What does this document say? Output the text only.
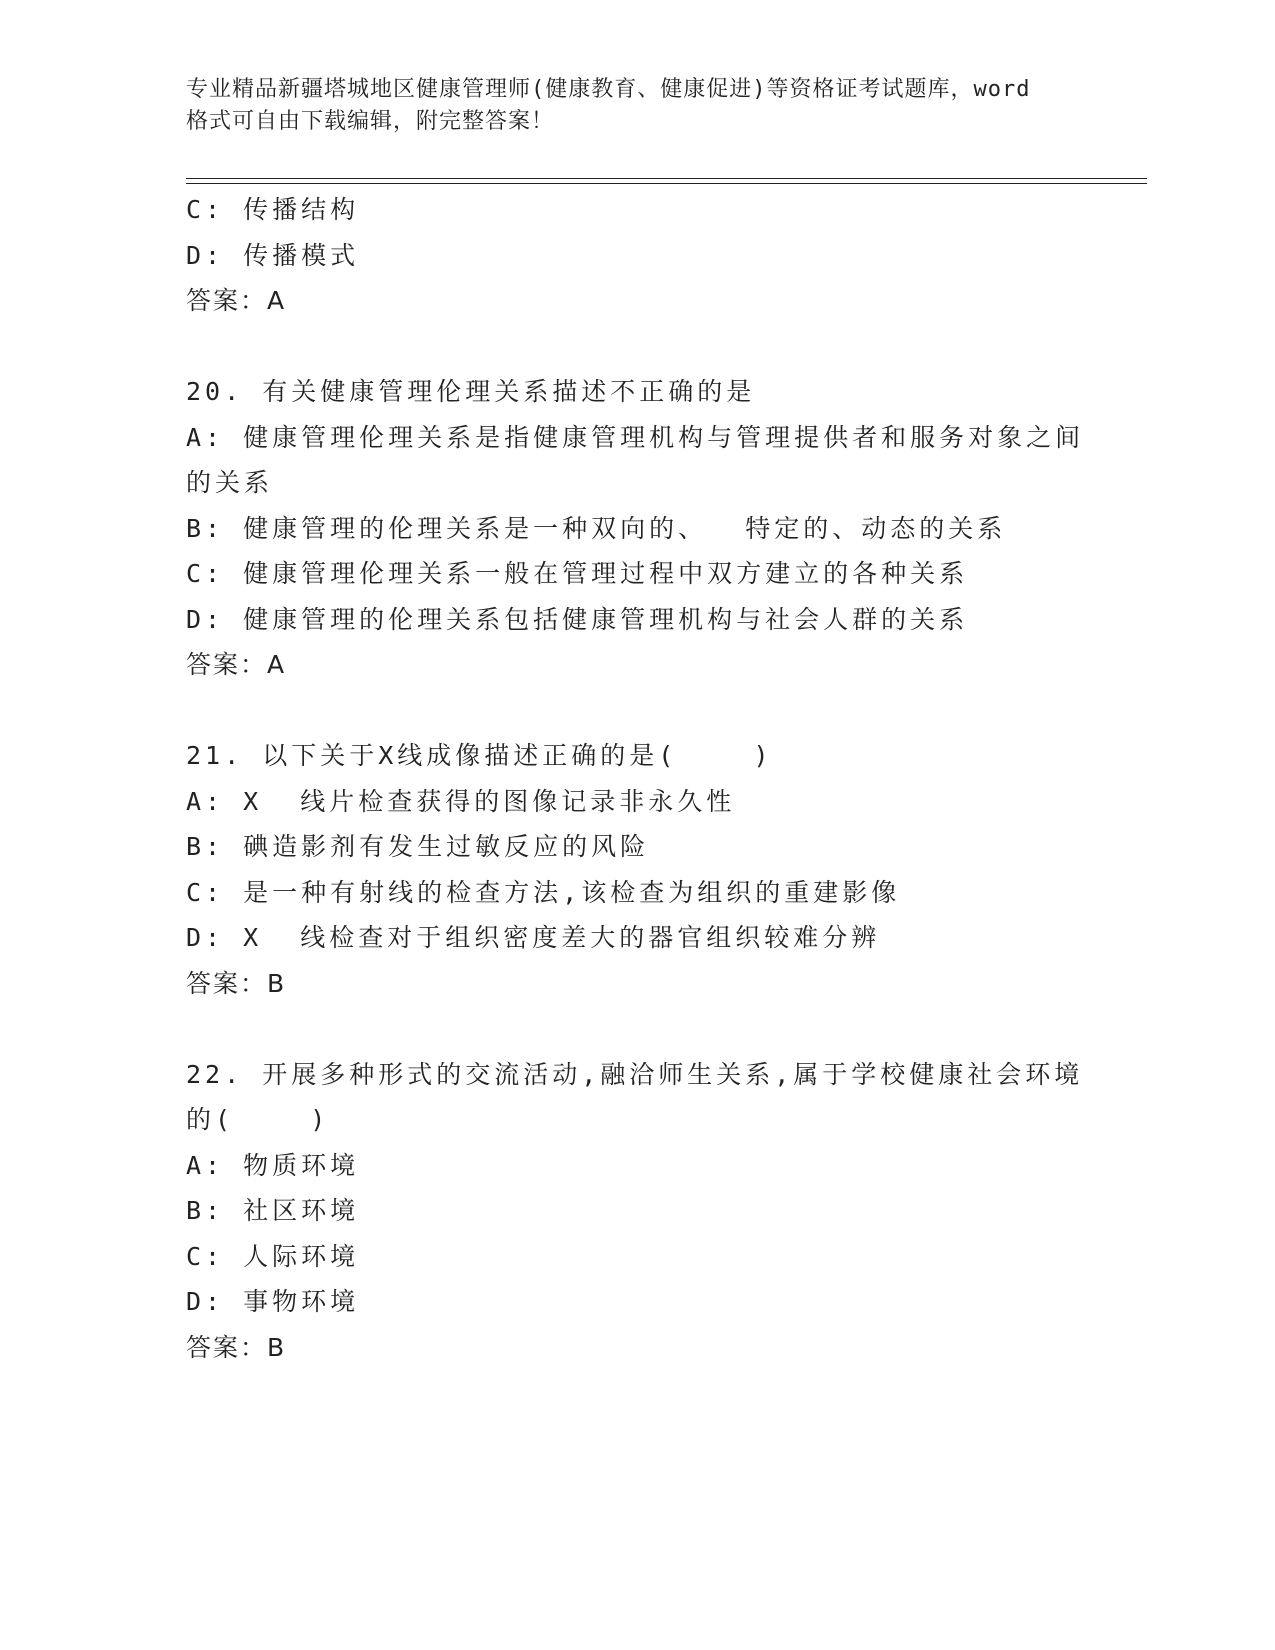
专业精品新疆塔城地区健康管理师(健康教育、健康促进)等资格证考试题库，word
格式可自由下载编辑，附完整答案！
C: 传播结构
D: 传播模式
答案：A
20. 有关健康管理伦理关系描述不正确的是
A: 健康管理伦理关系是指健康管理机构与管理提供者和服务对象之间
的关系
B: 健康管理的伦理关系是一种双向的、  特定的、动态的关系
C: 健康管理伦理关系一般在管理过程中双方建立的各种关系
D: 健康管理的伦理关系包括健康管理机构与社会人群的关系
答案：A
21. 以下关于X线成像描述正确的是(    )
A: X  线片检查获得的图像记录非永久性
B: 碘造影剂有发生过敏反应的风险
C: 是一种有射线的检查方法,该检查为组织的重建影像
D: X  线检查对于组织密度差大的器官组织较难分辨
答案：B
22. 开展多种形式的交流活动,融洽师生关系,属于学校健康社会环境
的(    )
A: 物质环境
B: 社区环境
C: 人际环境
D: 事物环境
答案：B
